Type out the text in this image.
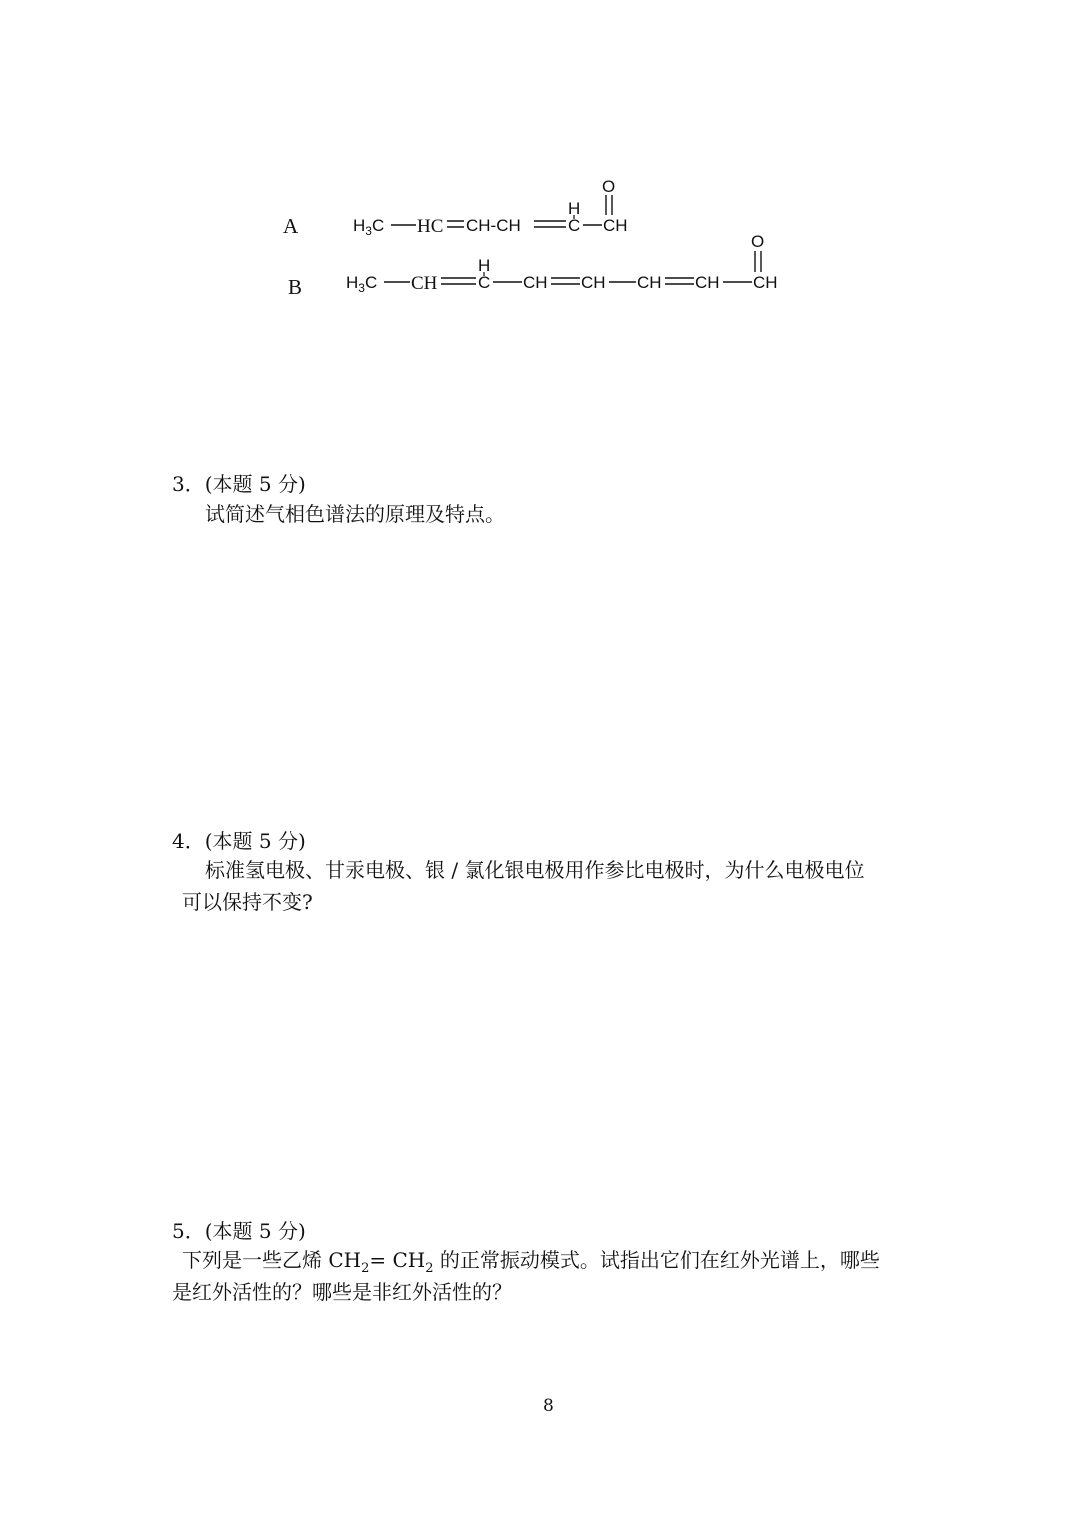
A	$H_3C$ HC CH-CH
H
C
O
CH
B	$H_3C$ CH
H
C CH CH CH CH
O
CH
3．(本题 5 分)
试简述气相色谱法的原理及特点。
4．(本题 5 分)
标准氢电极、甘汞电极、银 / 氯化银电极用作参比电极时，为什么电极电位
可以保持不变?
5．(本题 5 分)
下列是一些乙烯 $CH_2= CH_2$ 的正常振动模式。试指出它们在红外光谱上，哪些
是红外活性的？哪些是非红外活性的？
8
